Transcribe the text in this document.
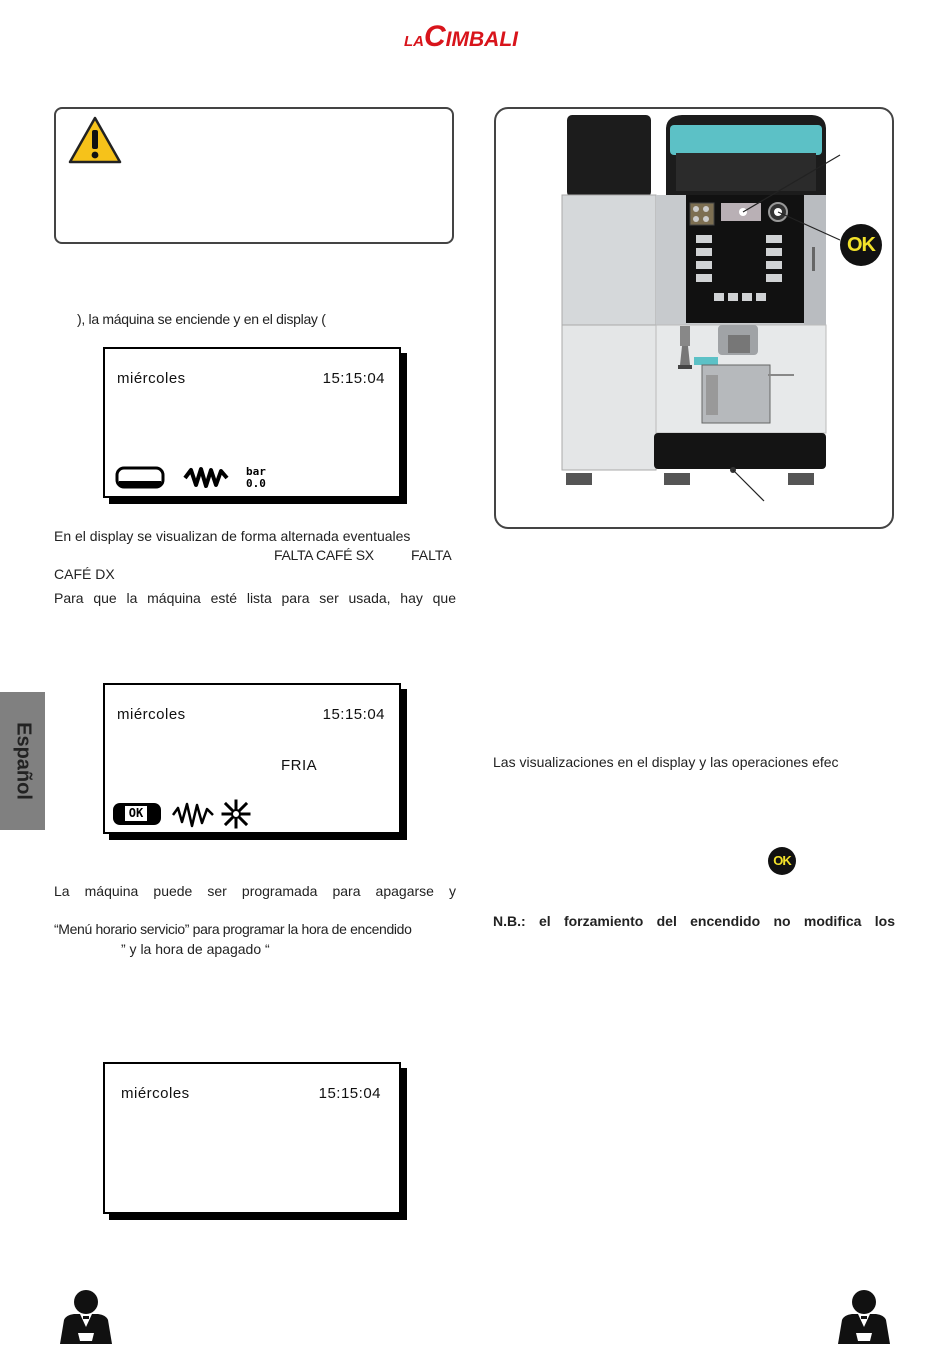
LACIMBALI
), la máquina se enciende y en el display (
miércoles	15:15:04
bar
0.0
En el display se visualizan de forma alternada eventuales
FALTA CAFÉ SX	FALTA
CAFÉ DX
Para que la máquina esté lista para ser usada, hay que
miércoles	15:15:04
FRIA
OK
La máquina puede ser programada para apagarse y
“Menú horario servicio” para programar la hora de encendido
” y la hora de apagado “
miércoles	15:15:04
Español
OK
Las visualizaciones en el display y las operaciones efec
OK
N.B.: el forzamiento del encendido no modifica los
